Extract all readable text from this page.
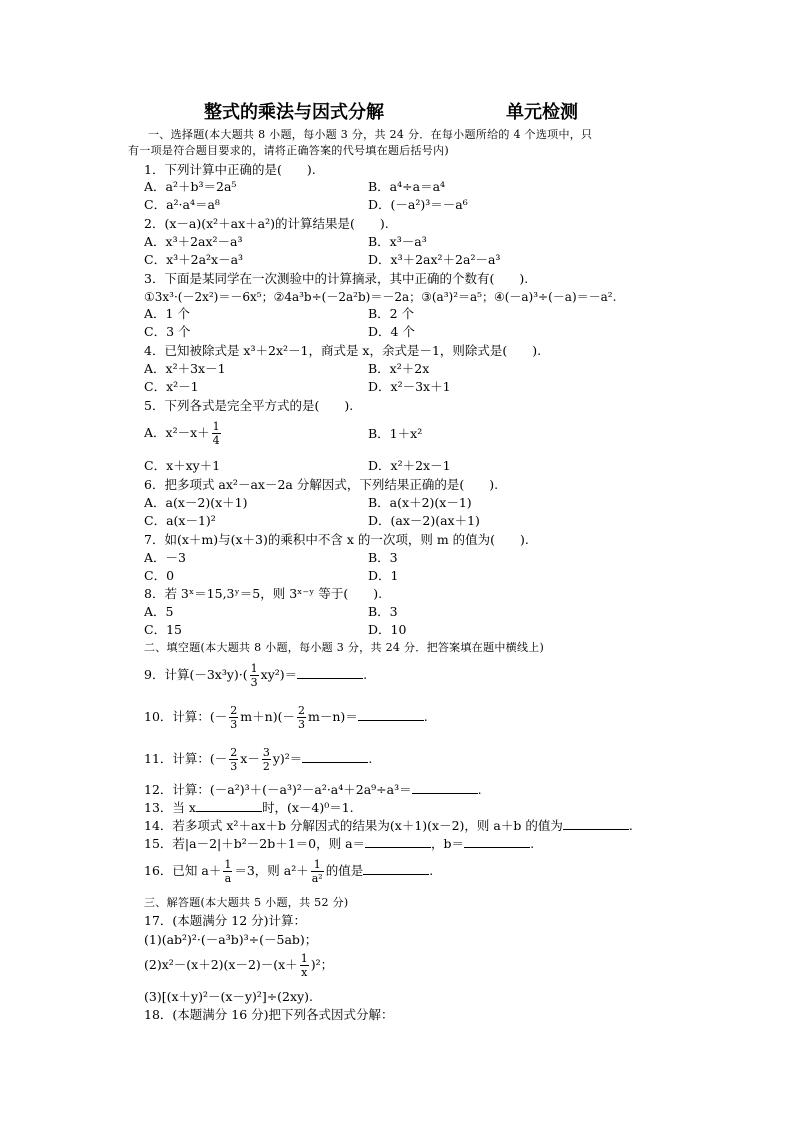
整式的乘法与因式分解	单元检测
一、选择题(本大题共 8 小题，每小题 3 分，共 24 分．在每小题所给的 4 个选项中，只
有一项是符合题目要求的，请将正确答案的代号填在题后括号内)
1．下列计算中正确的是(　　).
A．a²＋b³＝2a⁵	B．a⁴÷a＝a⁴
C．a²·a⁴＝a⁸	D．(－a²)³＝－a⁶
2．(x－a)(x²＋ax＋a²)的计算结果是(　　).
A．x³＋2ax²－a³	B．x³－a³
C．x³＋2a²x－a³	D．x³＋2ax²＋2a²－a³
3．下面是某同学在一次测验中的计算摘录，其中正确的个数有(　　).
①3x³·(－2x²)＝－6x⁵；②4a³b÷(－2a²b)＝－2a；③(a³)²＝a⁵；④(－a)³÷(－a)＝－a².
A．1 个	B．2 个
C．3 个	D．4 个
4．已知被除式是 x³＋2x²－1，商式是 x，余式是－1，则除式是(　　).
A．x²＋3x－1	B．x²＋2x
C．x²－1	D．x²－3x＋1
5．下列各式是完全平方式的是(　　).
A．$x^2-x+ \frac{1}{4}$	B．1＋x²
C．x＋xy＋1	D．x²＋2x－1
6．把多项式 ax²－ax－2a 分解因式，下列结果正确的是(　　).
A．a(x－2)(x＋1)	B．a(x＋2)(x－1)
C．a(x－1)²	D．(ax－2)(ax＋1)
7．如(x＋m)与(x＋3)的乘积中不含 x 的一次项，则 m 的值为(　　).
A．－3	B．3
C．0	D．1
8．若 3ˣ＝15,3ʸ＝5，则 3ˣ⁻ʸ 等于(　　).
A．5	B．3
C．15	D．10
二、填空题(本大题共 8 小题，每小题 3 分，共 24 分．把答案填在题中横线上)
9．计算$(-3x^3y)\cdot( \frac{1}{3} xy^2)=$	.
10．计算：(－ $\frac{2}{3} m+n)(- \frac{2}{3} m-n)=$	.
11．计算：(－ $\frac{2}{3} x- \frac{3}{2} y)^2=$	.
12．计算：(－a²)³＋(－a³)²－a²·a⁴＋2a⁹÷a³＝	.
13．当 x	时，(x－4)⁰＝1.
14．若多项式 x²＋ax＋b 分解因式的结果为(x＋1)(x－2)，则 a＋b 的值为	.
15．若|a－2|＋b²－2b＋1＝0，则 a＝	，b＝	.
16．已知 $a+ \frac{1}{a} =3$，则 $a^2+ \frac{1}{\text{a²}}$ 的值是	.
三、解答题(本大题共 5 小题，共 52 分)
17．(本题满分 12 分)计算：
(1)(ab²)²·(－a³b)³÷(－5ab)；
$(2)x^2-(x+2)(x-2)-(x+ \frac{1}{x} )^2$；
(3)[(x＋y)²－(x－y)²]÷(2xy).
18．(本题满分 16 分)把下列各式因式分解：
